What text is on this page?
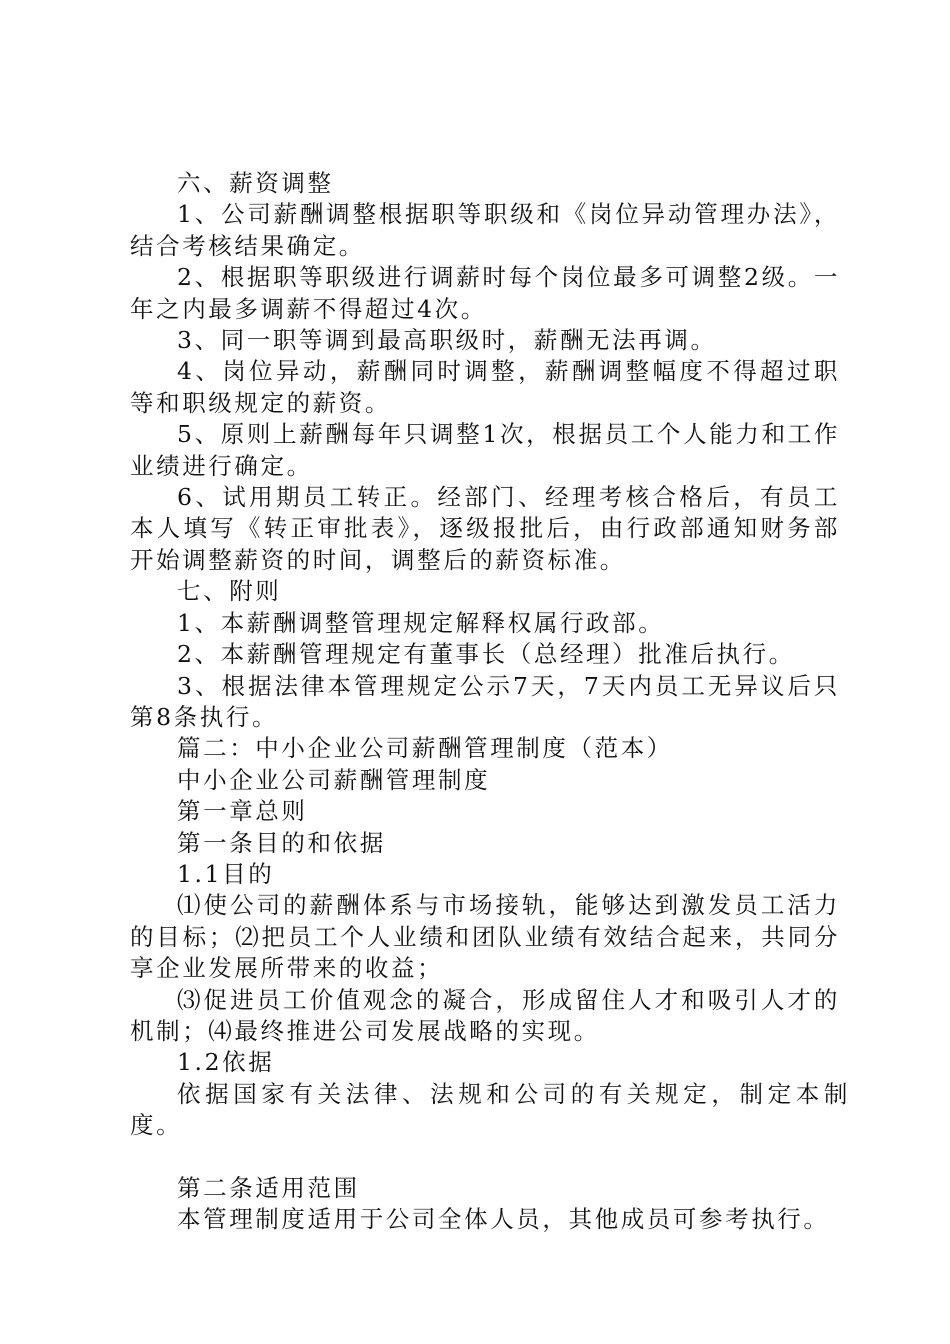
六、薪资调整

1、公司薪酬调整根据职等职级和《岗位异动管理办法》，结合考核结果确定。

2、根据职等职级进行调薪时每个岗位最多可调整2级。一年之内最多调薪不得超过4次。

3、同一职等调到最高职级时，薪酬无法再调。

4、岗位异动，薪酬同时调整，薪酬调整幅度不得超过职等和职级规定的薪资。

5、原则上薪酬每年只调整1次，根据员工个人能力和工作业绩进行确定。

6、试用期员工转正。经部门、经理考核合格后，有员工本人填写《转正审批表》，逐级报批后，由行政部通知财务部开始调整薪资的时间，调整后的薪资标准。

七、附则

1、本薪酬调整管理规定解释权属行政部。

2、本薪酬管理规定有董事长（总经理）批准后执行。

3、根据法律本管理规定公示7天，7天内员工无异议后只第8条执行。

篇二：中小企业公司薪酬管理制度（范本）

中小企业公司薪酬管理制度

第一章总则

第一条目的和依据

1.1目的

⑴使公司的薪酬体系与市场接轨，能够达到激发员工活力的目标；⑵把员工个人业绩和团队业绩有效结合起来，共同分享企业发展所带来的收益；

⑶促进员工价值观念的凝合，形成留住人才和吸引人才的机制；⑷最终推进公司发展战略的实现。

1.2依据

依据国家有关法律、法规和公司的有关规定，制定本制度。

第二条适用范围

本管理制度适用于公司全体人员，其他成员可参考执行。
